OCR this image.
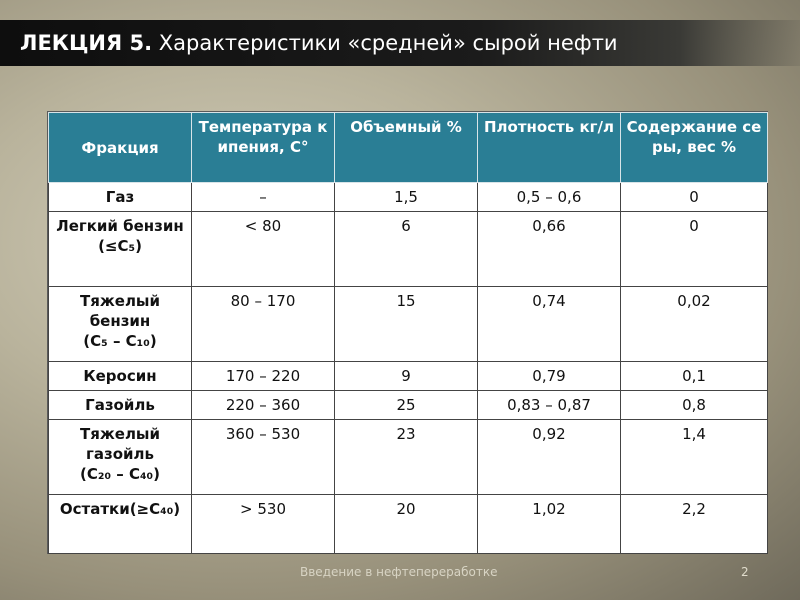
ЛЕКЦИЯ 5. Характеристики «средней» сырой нефти
Фракция	Температура кипения, С°	Объемный %	Плотность кг/л	Содержание серы, вес %
Газ	–	1,5	0,5 – 0,6	0
Легкий бензин
(≤C₅)	< 80	6	0,66	0
Тяжелый бензин
(C₅ – C₁₀)	80 – 170	15	0,74	0,02
Керосин	170 – 220	9	0,79	0,1
Газойль	220 – 360	25	0,83 – 0,87	0,8
Тяжелый газойль
(C₂₀ – C₄₀)	360 – 530	23	0,92	1,4
Остатки(≥C₄₀)	> 530	20	1,02	2,2
Введение в нефтепереработке	2
